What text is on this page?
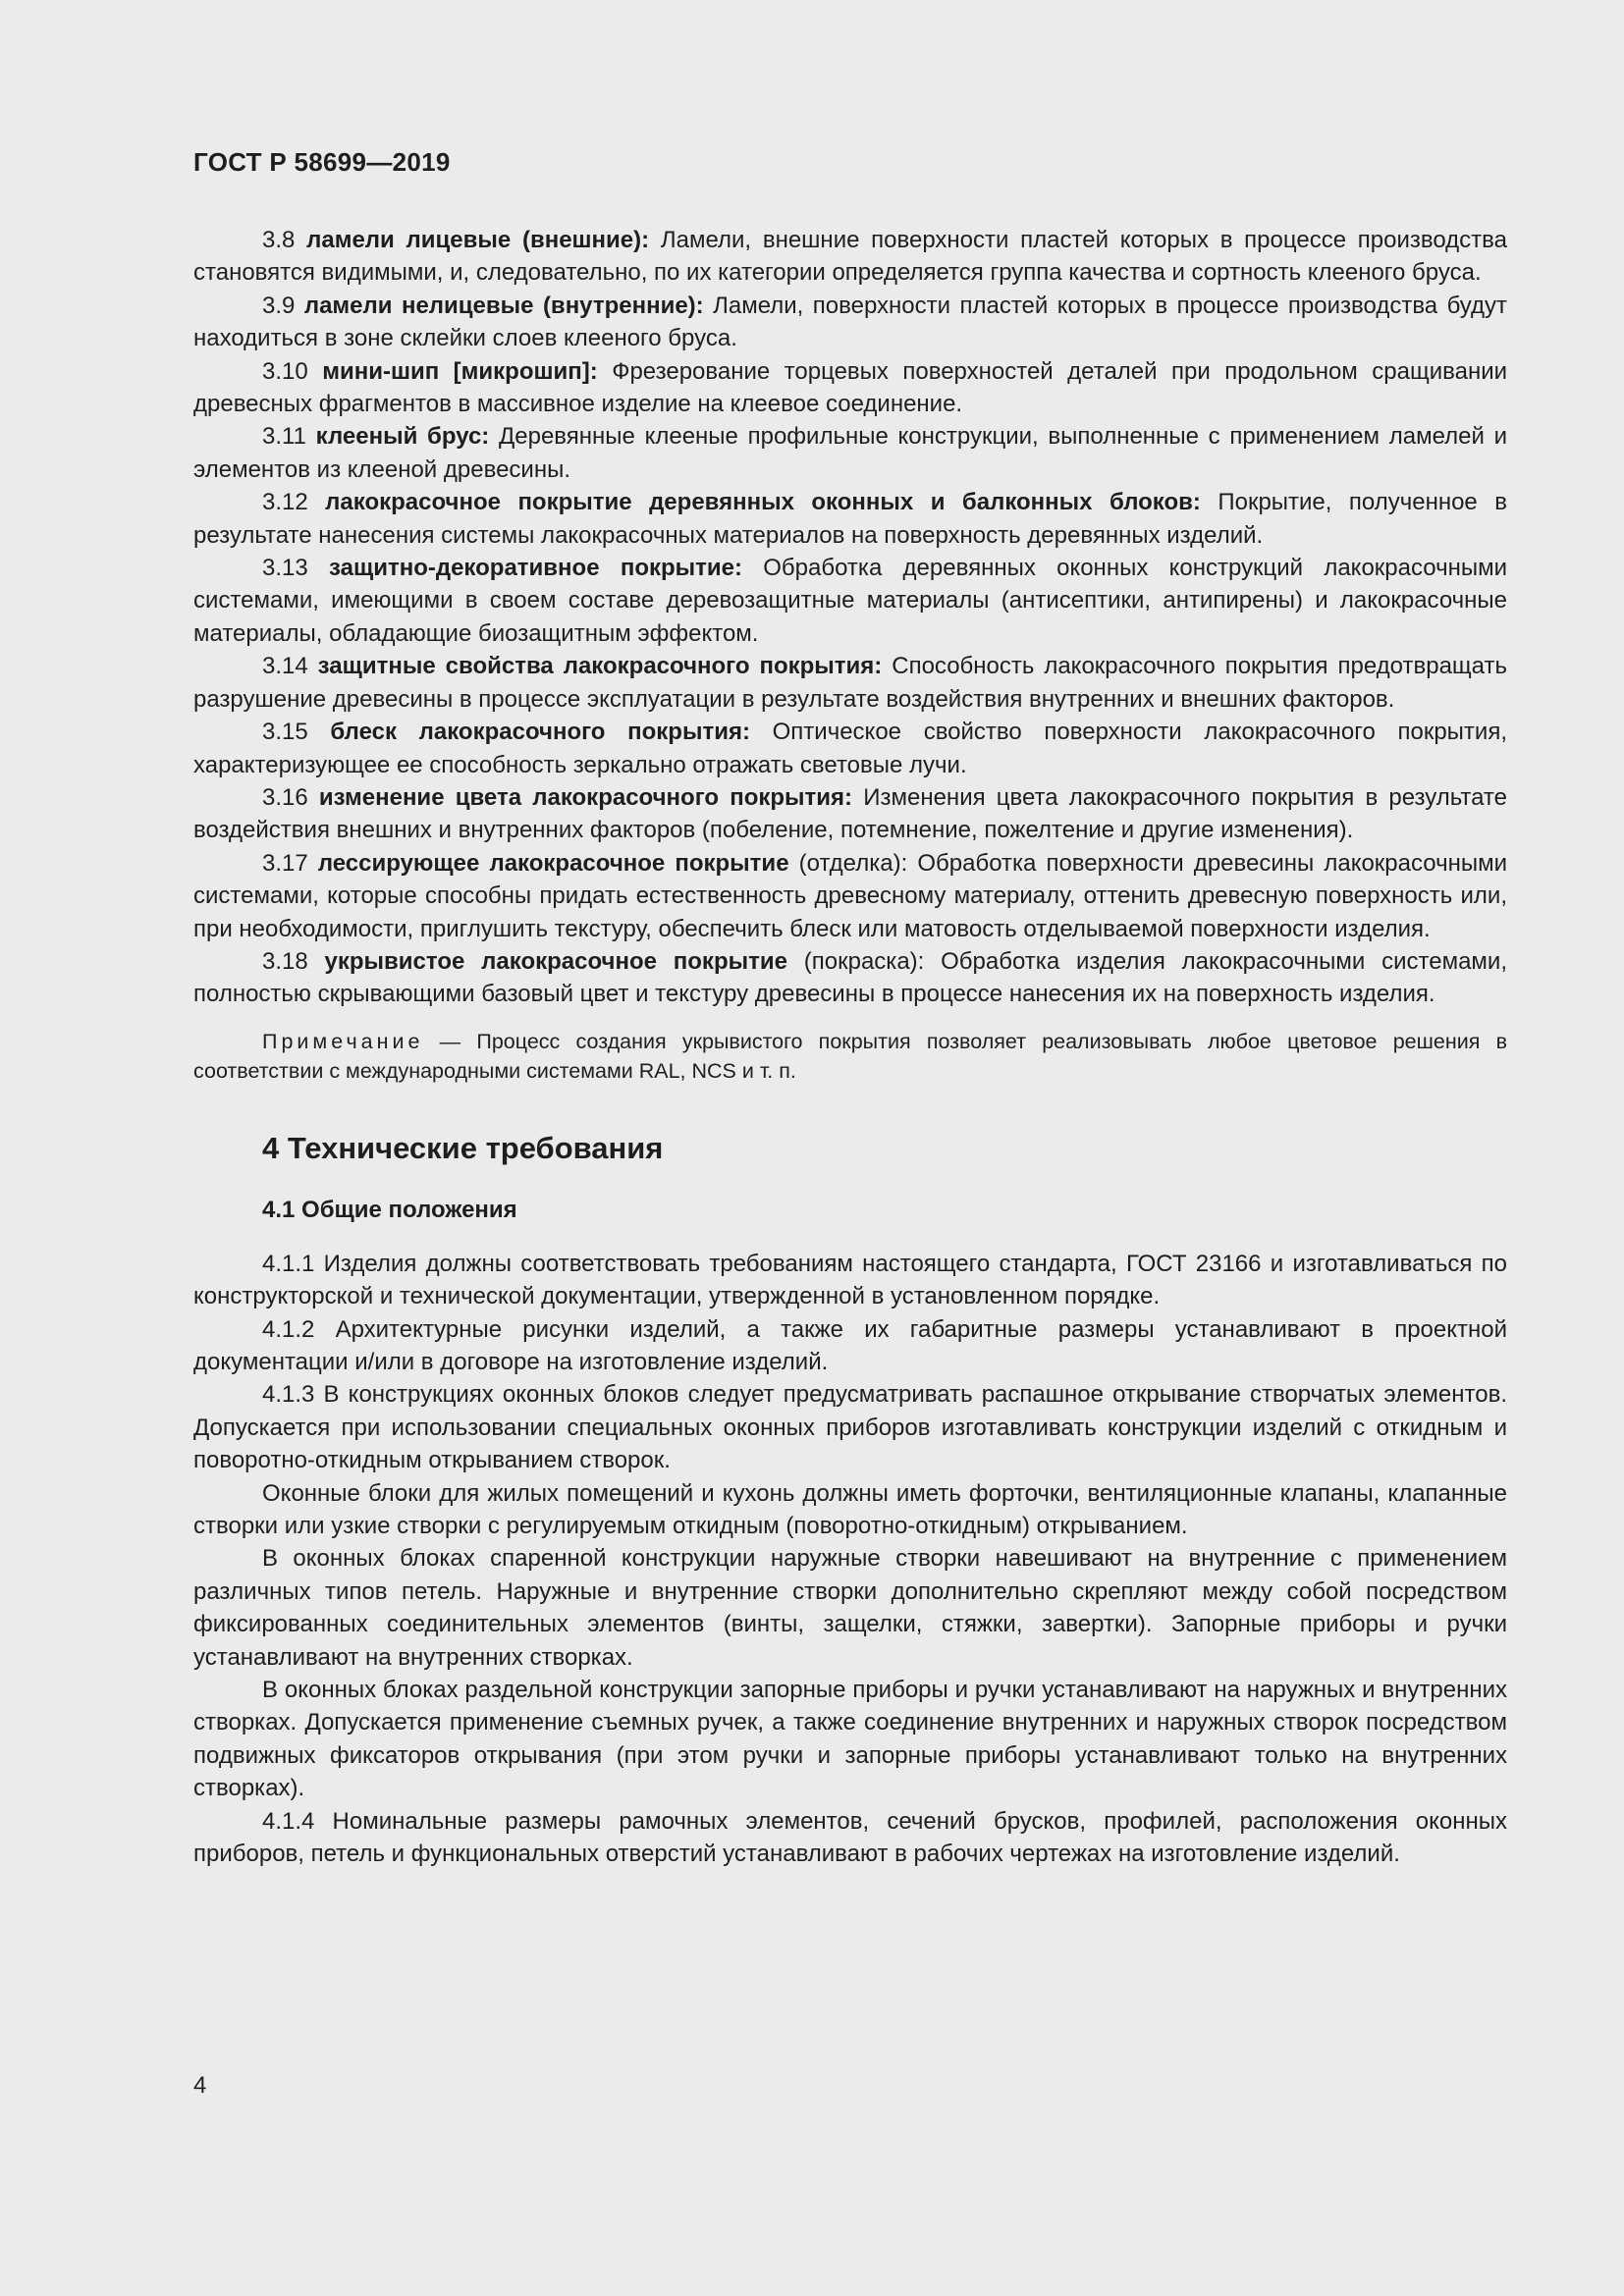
ГОСТ Р 58699—2019

3.8 ламели лицевые (внешние): Ламели, внешние поверхности пластей которых в процессе производства становятся видимыми, и, следовательно, по их категории определяется группа качества и сортность клееного бруса.

3.9 ламели нелицевые (внутренние): Ламели, поверхности пластей которых в процессе производства будут находиться в зоне склейки слоев клееного бруса.

3.10 мини-шип [микрошип]: Фрезерование торцевых поверхностей деталей при продольном сращивании древесных фрагментов в массивное изделие на клеевое соединение.

3.11 клееный брус: Деревянные клееные профильные конструкции, выполненные с применением ламелей и элементов из клееной древесины.

3.12 лакокрасочное покрытие деревянных оконных и балконных блоков: Покрытие, полученное в результате нанесения системы лакокрасочных материалов на поверхность деревянных изделий.

3.13 защитно-декоративное покрытие: Обработка деревянных оконных конструкций лакокрасочными системами, имеющими в своем составе деревозащитные материалы (антисептики, антипирены) и лакокрасочные материалы, обладающие биозащитным эффектом.

3.14 защитные свойства лакокрасочного покрытия: Способность лакокрасочного покрытия предотвращать разрушение древесины в процессе эксплуатации в результате воздействия внутренних и внешних факторов.

3.15 блеск лакокрасочного покрытия: Оптическое свойство поверхности лакокрасочного покрытия, характеризующее ее способность зеркально отражать световые лучи.

3.16 изменение цвета лакокрасочного покрытия: Изменения цвета лакокрасочного покрытия в результате воздействия внешних и внутренних факторов (побеление, потемнение, пожелтение и другие изменения).

3.17 лессирующее лакокрасочное покрытие (отделка): Обработка поверхности древесины лакокрасочными системами, которые способны придать естественность древесному материалу, оттенить древесную поверхность или, при необходимости, приглушить текстуру, обеспечить блеск или матовость отделываемой поверхности изделия.

3.18 укрывистое лакокрасочное покрытие (покраска): Обработка изделия лакокрасочными системами, полностью скрывающими базовый цвет и текстуру древесины в процессе нанесения их на поверхность изделия.

Примечание — Процесс создания укрывистого покрытия позволяет реализовывать любое цветовое решения в соответствии с международными системами RAL, NCS и т. п.

4 Технические требования
4.1 Общие положения

4.1.1 Изделия должны соответствовать требованиям настоящего стандарта, ГОСТ 23166 и изготавливаться по конструкторской и технической документации, утвержденной в установленном порядке.

4.1.2 Архитектурные рисунки изделий, а также их габаритные размеры устанавливают в проектной документации и/или в договоре на изготовление изделий.

4.1.3 В конструкциях оконных блоков следует предусматривать распашное открывание створчатых элементов. Допускается при использовании специальных оконных приборов изготавливать конструкции изделий с откидным и поворотно-откидным открыванием створок.

Оконные блоки для жилых помещений и кухонь должны иметь форточки, вентиляционные клапаны, клапанные створки или узкие створки с регулируемым откидным (поворотно-откидным) открыванием.

В оконных блоках спаренной конструкции наружные створки навешивают на внутренние с применением различных типов петель. Наружные и внутренние створки дополнительно скрепляют между собой посредством фиксированных соединительных элементов (винты, защелки, стяжки, завертки). Запорные приборы и ручки устанавливают на внутренних створках.

В оконных блоках раздельной конструкции запорные приборы и ручки устанавливают на наружных и внутренних створках. Допускается применение съемных ручек, а также соединение внутренних и наружных створок посредством подвижных фиксаторов открывания (при этом ручки и запорные приборы устанавливают только на внутренних створках).

4.1.4 Номинальные размеры рамочных элементов, сечений брусков, профилей, расположения оконных приборов, петель и функциональных отверстий устанавливают в рабочих чертежах на изготовление изделий.

4
